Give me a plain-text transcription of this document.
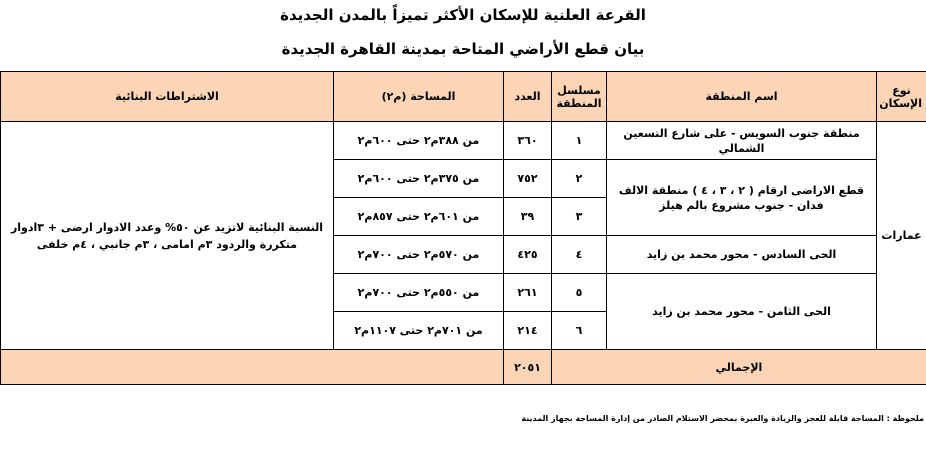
القرعة العلنية للإسكان الأكثر تميزاً بالمدن الجديدة
بيان قطع الأراضي المتاحة بمدينة القاهرة الجديدة
نوع الإسكان	اسم المنطقة	مسلسل المنطقة	العدد	المساحة (م٢)	الاشتراطات البنائية
عمارات	منطقة جنوب السويس - على شارع التسعين الشمالي	١	٣٦٠	من ٣٨٨م٢ حتى ٦٠٠م٢	النسبة البنائية لاتزيد عن ٥٠% وعدد الادوار ارضى + ٣ادوار متكررة والردود ٣م امامى ، ٣م جانبي ، ٤م خلفى
	قطع الاراضى ارقام ( ٢ ، ٣ ، ٤ ) منطقة الالف فدان - جنوب مشروع بالم هيلز	٢	٧٥٢	من ٣٧٥م٢ حتى ٦٠٠م٢	
		٣	٣٩	من ٦٠١م٢ حتى ٨٥٧م٢	
	الحى السادس - محور محمد بن زايد	٤	٤٢٥	من ٥٧٠م٢ حتى ٧٠٠م٢	
	الحى الثامن - محور محمد بن زايد	٥	٢٦١	من ٥٥٠م٢ حتى ٧٠٠م٢	
		٦	٢١٤	من ٧٠١م٢ حتى ١١٠٧م٢	
الإجمالي			٢٠٥١		
ملحوظة : المساحة قابلة للعجز والزيادة والعبرة بمحضر الاستلام الصادر من إدارة المساحة بجهاز المدينة
